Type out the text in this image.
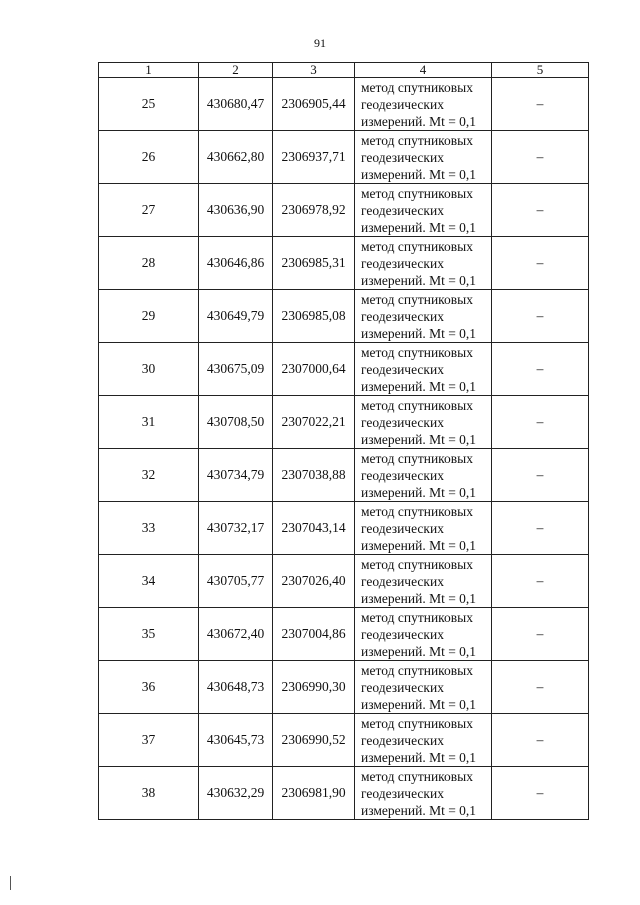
91
1	2	3	4	5
25	430680,47	2306905,44	метод спутниковых
геодезических
измерений. Mt = 0,1	–
26	430662,80	2306937,71	метод спутниковых
геодезических
измерений. Mt = 0,1	–
27	430636,90	2306978,92	метод спутниковых
геодезических
измерений. Mt = 0,1	–
28	430646,86	2306985,31	метод спутниковых
геодезических
измерений. Mt = 0,1	–
29	430649,79	2306985,08	метод спутниковых
геодезических
измерений. Mt = 0,1	–
30	430675,09	2307000,64	метод спутниковых
геодезических
измерений. Mt = 0,1	–
31	430708,50	2307022,21	метод спутниковых
геодезических
измерений. Mt = 0,1	–
32	430734,79	2307038,88	метод спутниковых
геодезических
измерений. Mt = 0,1	–
33	430732,17	2307043,14	метод спутниковых
геодезических
измерений. Mt = 0,1	–
34	430705,77	2307026,40	метод спутниковых
геодезических
измерений. Mt = 0,1	–
35	430672,40	2307004,86	метод спутниковых
геодезических
измерений. Mt = 0,1	–
36	430648,73	2306990,30	метод спутниковых
геодезических
измерений. Mt = 0,1	–
37	430645,73	2306990,52	метод спутниковых
геодезических
измерений. Mt = 0,1	–
38	430632,29	2306981,90	метод спутниковых
геодезических
измерений. Mt = 0,1	–
